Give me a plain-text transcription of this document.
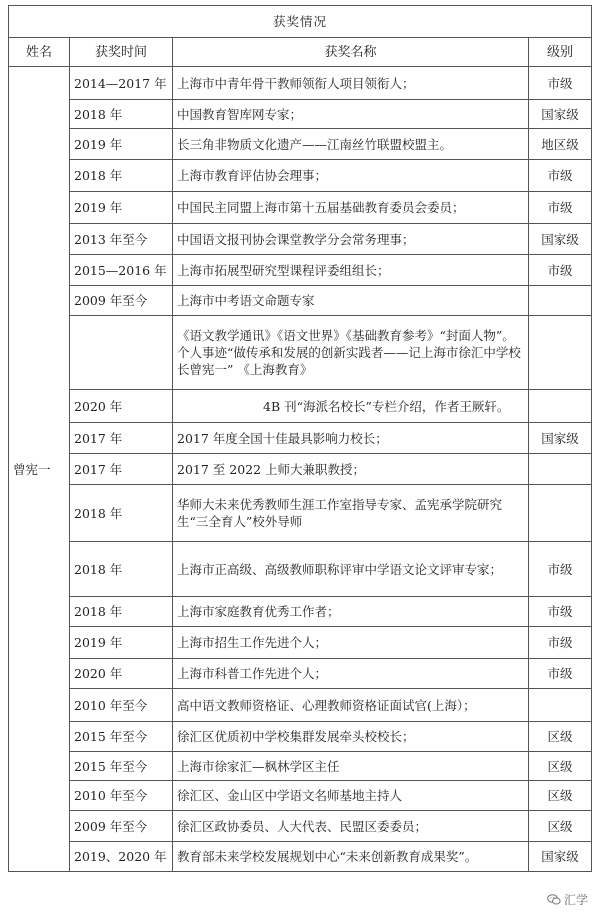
获奖情况			
姓名	获奖时间	获奖名称	级别
曾宪一	2014—2017 年	上海市中青年骨干教师领衔人项目领衔人；	市级
	2018 年	中国教育智库网专家；	国家级
	2019 年	长三角非物质文化遗产——江南丝竹联盟校盟主。	地区级
	2018 年	上海市教育评估协会理事；	市级
	2019 年	中国民主同盟上海市第十五届基础教育委员会委员；	市级
	2013 年至今	中国语文报刊协会课堂教学分会常务理事；	国家级
	2015—2016 年	上海市拓展型研究型课程评委组组长；	市级
	2009 年至今	上海市中考语文命题专家	
		《语文教学通讯》《语文世界》《基础教育参考》“封面人物”。个人事迹“做传承和发展的创新实践者——记上海市徐汇中学校长曾宪一” 《上海教育》	
	2020 年	4B 刊“海派名校长”专栏介绍，作者王厥轩。	
	2017 年	2017 年度全国十佳最具影响力校长；	国家级
	2017 年	2017 至 2022 上师大兼职教授；	
	2018 年	华师大未来优秀教师生涯工作室指导专家、孟宪承学院研究生“三全育人”校外导师	
	2018 年	上海市正高级、高级教师职称评审中学语文论文评审专家；	市级
	2018 年	上海市家庭教育优秀工作者；	市级
	2019 年	上海市招生工作先进个人；	市级
	2020 年	上海市科普工作先进个人；	市级
	2010 年至今	高中语文教师资格证、心理教师资格证面试官(上海）；	
	2015 年至今	徐汇区优质初中学校集群发展牵头校校长；	区级
	2015 年至今	上海市徐家汇—枫林学区主任	区级
	2010 年至今	徐汇区、金山区中学语文名师基地主持人	区级
	2009 年至今	徐汇区政协委员、人大代表、民盟区委委员；	区级
	2019、2020 年	教育部未来学校发展规划中心“未来创新教育成果奖”。	国家级
汇学
